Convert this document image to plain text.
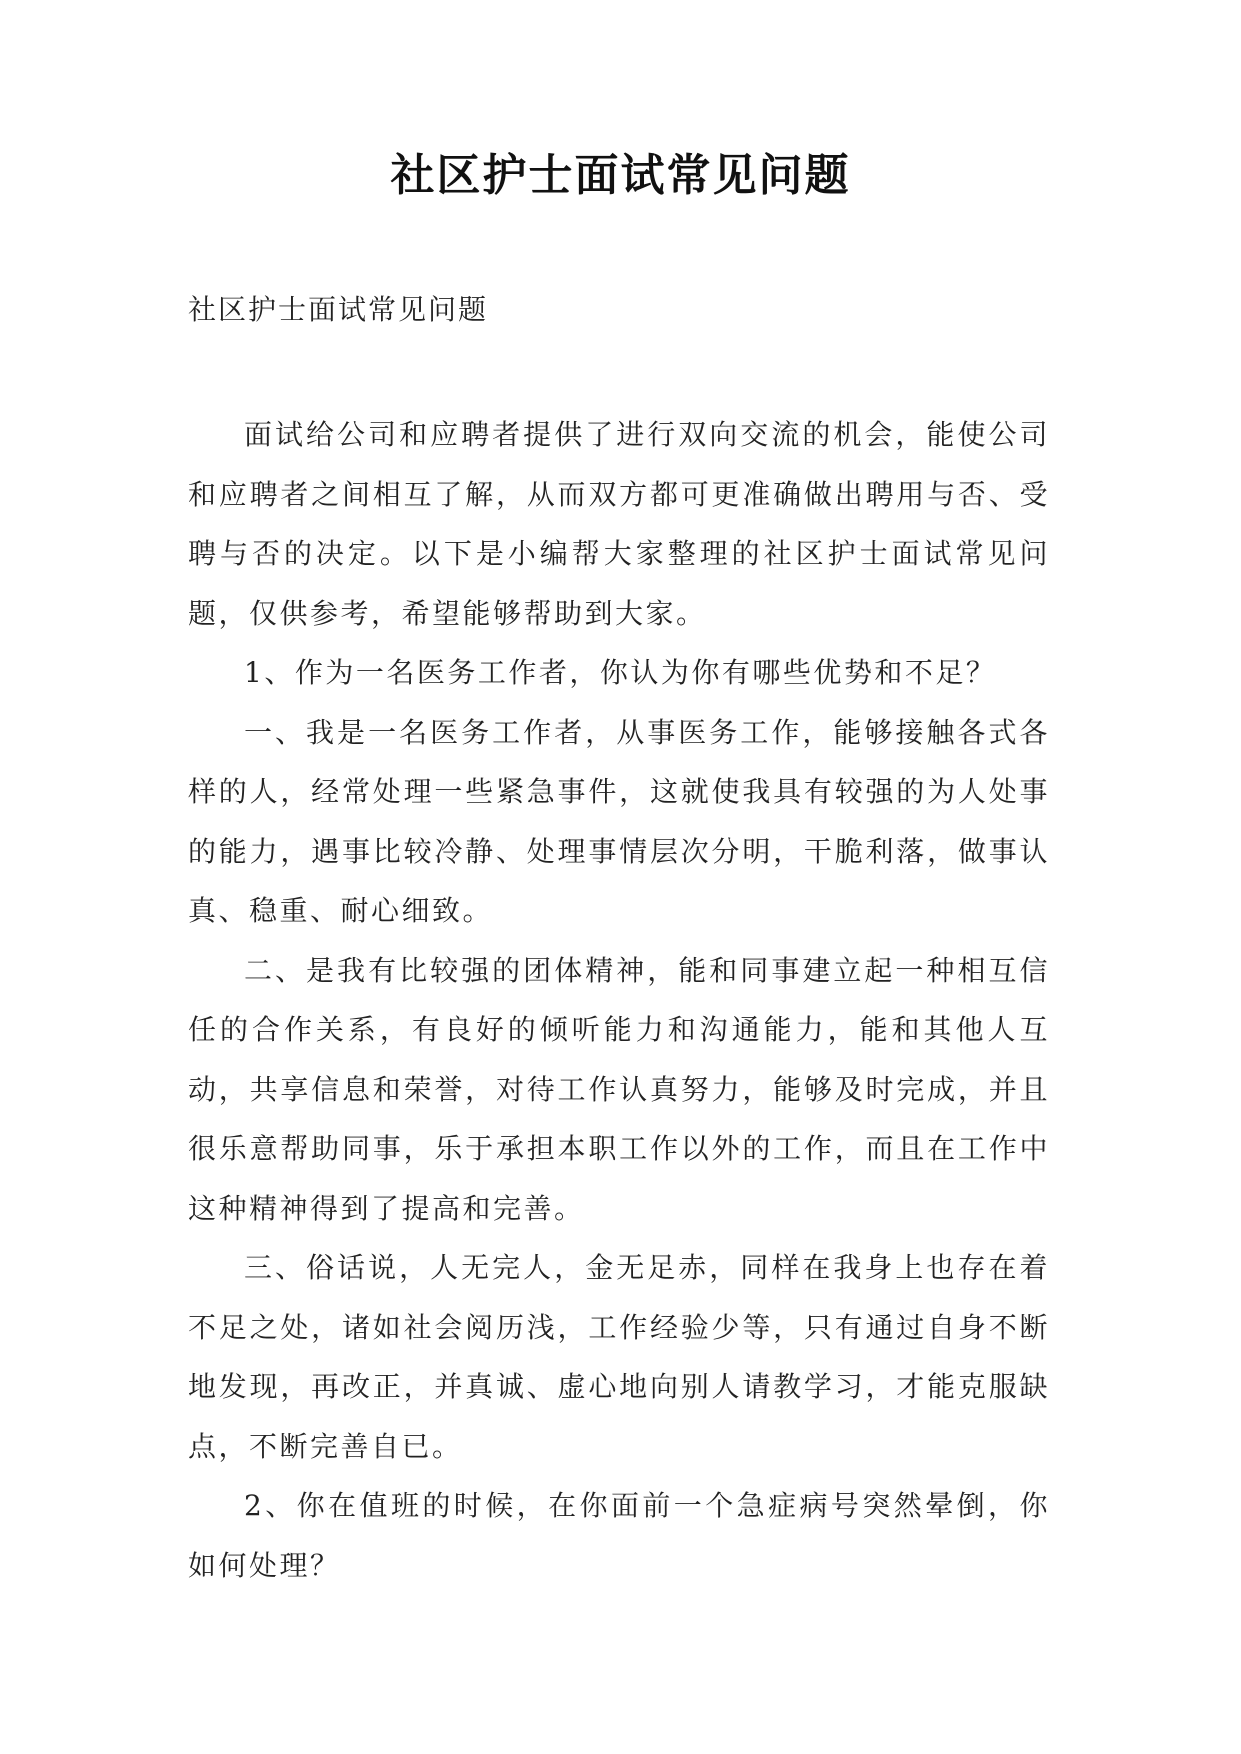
社区护士面试常见问题
社区护士面试常见问题

面试给公司和应聘者提供了进行双向交流的机会，能使公司和应聘者之间相互了解，从而双方都可更准确做出聘用与否、受聘与否的决定。以下是小编帮大家整理的社区护士面试常见问题，仅供参考，希望能够帮助到大家。

1、作为一名医务工作者，你认为你有哪些优势和不足？

一、我是一名医务工作者，从事医务工作，能够接触各式各样的人，经常处理一些紧急事件，这就使我具有较强的为人处事的能力，遇事比较冷静、处理事情层次分明，干脆利落，做事认真、稳重、耐心细致。

二、是我有比较强的团体精神，能和同事建立起一种相互信任的合作关系，有良好的倾听能力和沟通能力，能和其他人互动，共享信息和荣誉，对待工作认真努力，能够及时完成，并且很乐意帮助同事，乐于承担本职工作以外的工作，而且在工作中这种精神得到了提高和完善。

三、俗话说，人无完人，金无足赤，同样在我身上也存在着不足之处，诸如社会阅历浅，工作经验少等，只有通过自身不断地发现，再改正，并真诚、虚心地向别人请教学习，才能克服缺点，不断完善自已。

2、你在值班的时候，在你面前一个急症病号突然晕倒，你如何处理？
